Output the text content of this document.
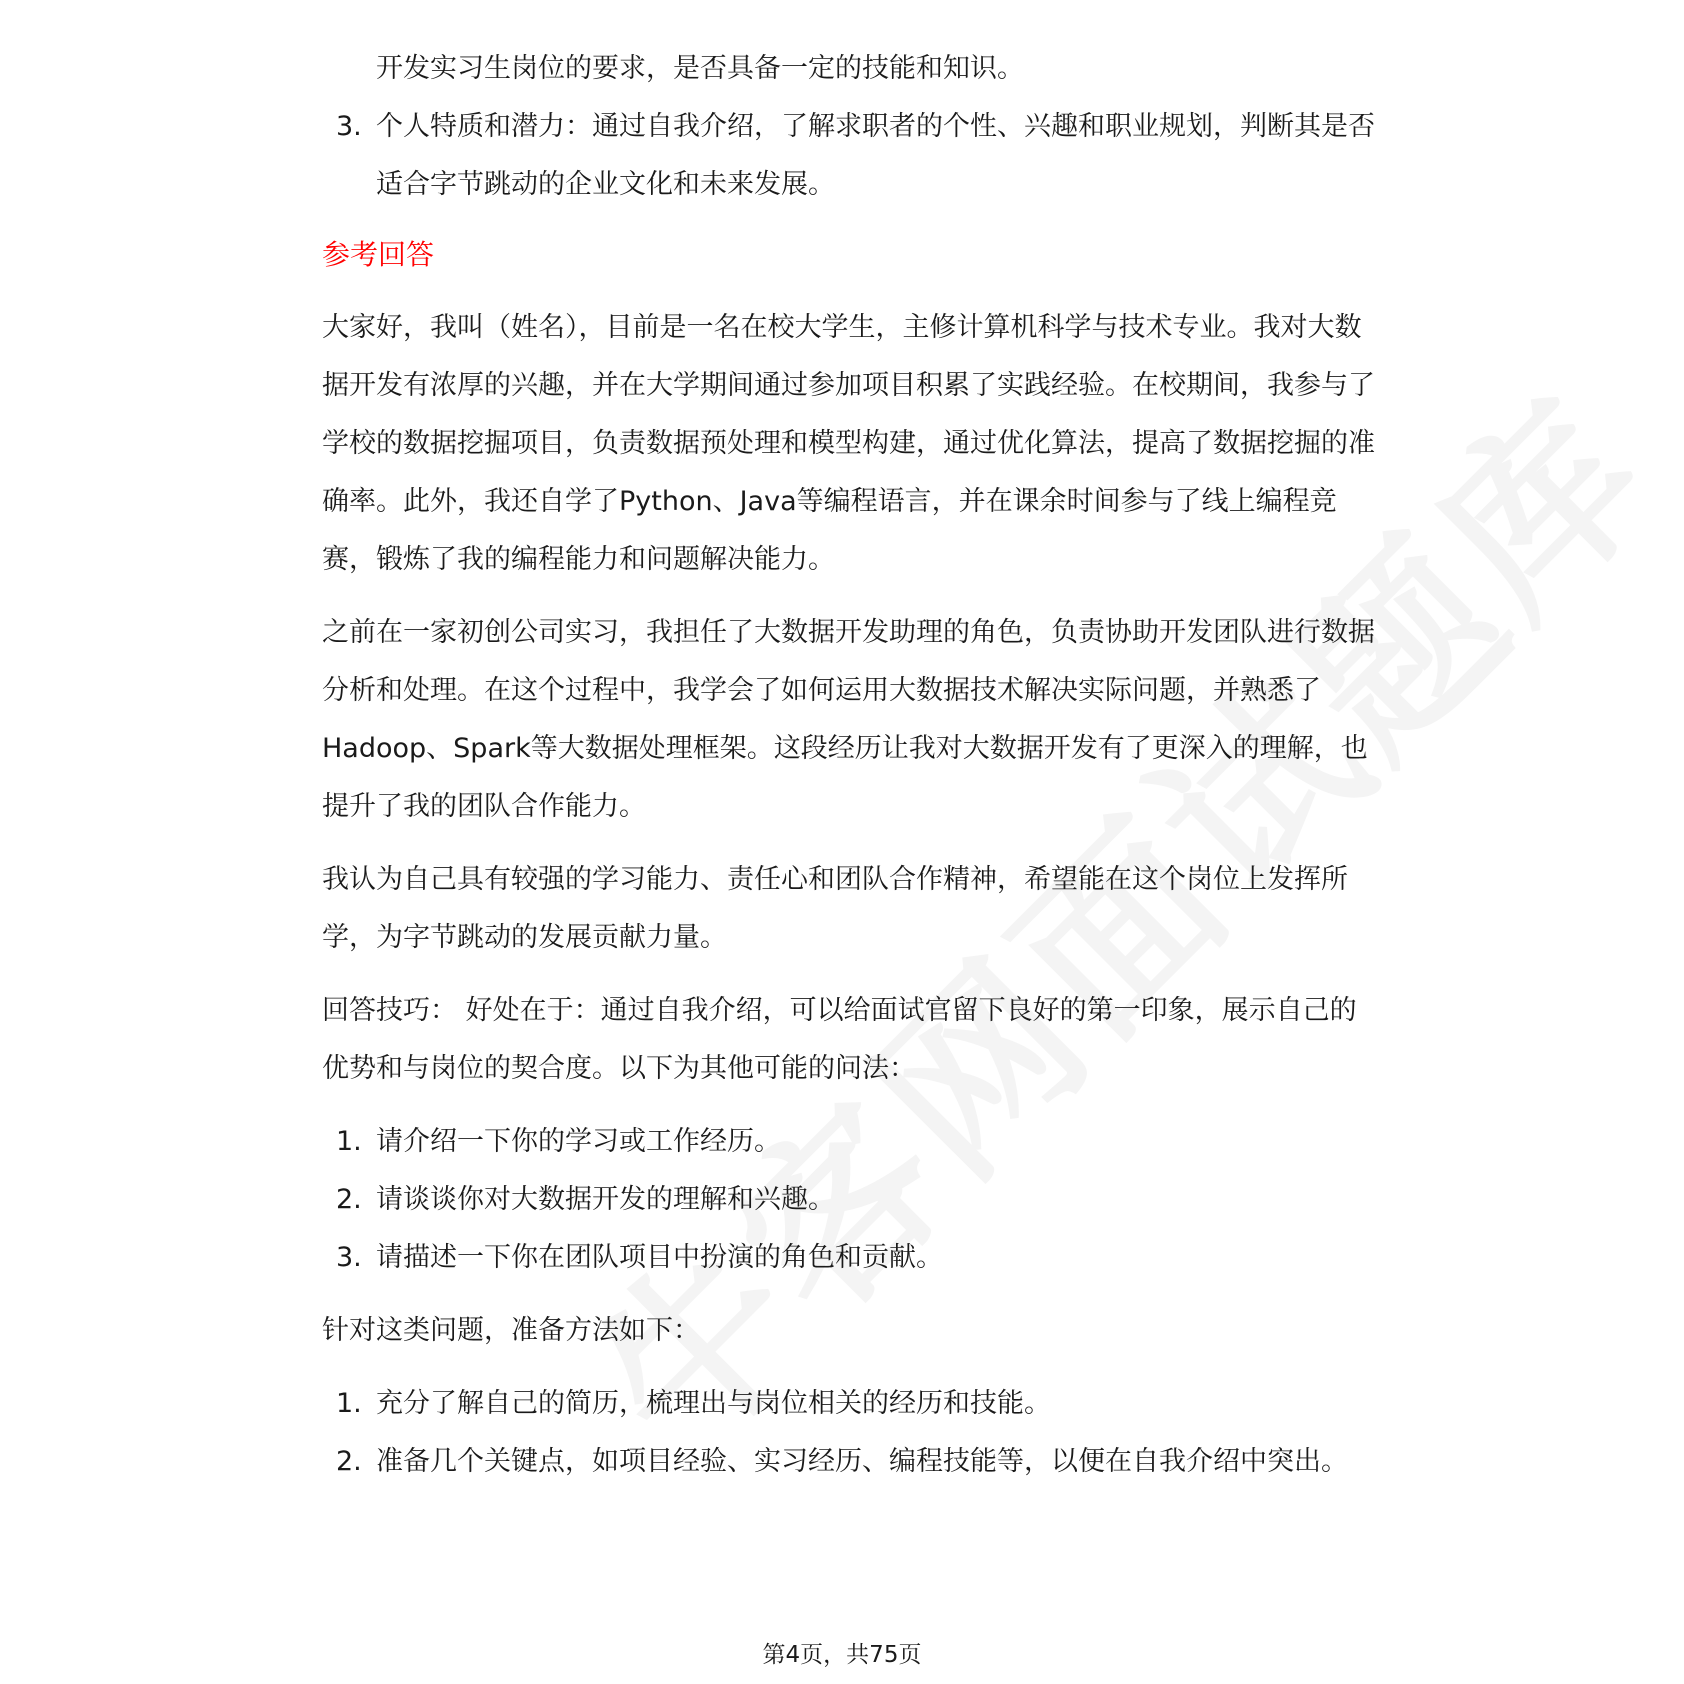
开发实习生岗位的要求，是否具备一定的技能和知识。
3. 个人特质和潜力：通过自我介绍，了解求职者的个性、兴趣和职业规划，判断其是否适合字节跳动的企业文化和未来发展。
参考回答

大家好，我叫（姓名），目前是一名在校大学生，主修计算机科学与技术专业。我对大数据开发有浓厚的兴趣，并在大学期间通过参加项目积累了实践经验。在校期间，我参与了学校的数据挖掘项目，负责数据预处理和模型构建，通过优化算法，提高了数据挖掘的准确率。此外，我还自学了Python、Java等编程语言，并在课余时间参与了线上编程竞赛，锻炼了我的编程能力和问题解决能力。

之前在一家初创公司实习，我担任了大数据开发助理的角色，负责协助开发团队进行数据分析和处理。在这个过程中，我学会了如何运用大数据技术解决实际问题，并熟悉了Hadoop、Spark等大数据处理框架。这段经历让我对大数据开发有了更深入的理解，也提升了我的团队合作能力。

我认为自己具有较强的学习能力、责任心和团队合作精神，希望能在这个岗位上发挥所学，为字节跳动的发展贡献力量。

回答技巧： 好处在于：通过自我介绍，可以给面试官留下良好的第一印象，展示自己的优势和与岗位的契合度。以下为其他可能的问法：

1. 请介绍一下你的学习或工作经历。
2. 请谈谈你对大数据开发的理解和兴趣。
3. 请描述一下你在团队项目中扮演的角色和贡献。

针对这类问题，准备方法如下：

1. 充分了解自己的简历，梳理出与岗位相关的经历和技能。
2. 准备几个关键点，如项目经验、实习经历、编程技能等，以便在自我介绍中突出。
第4页，共75页
